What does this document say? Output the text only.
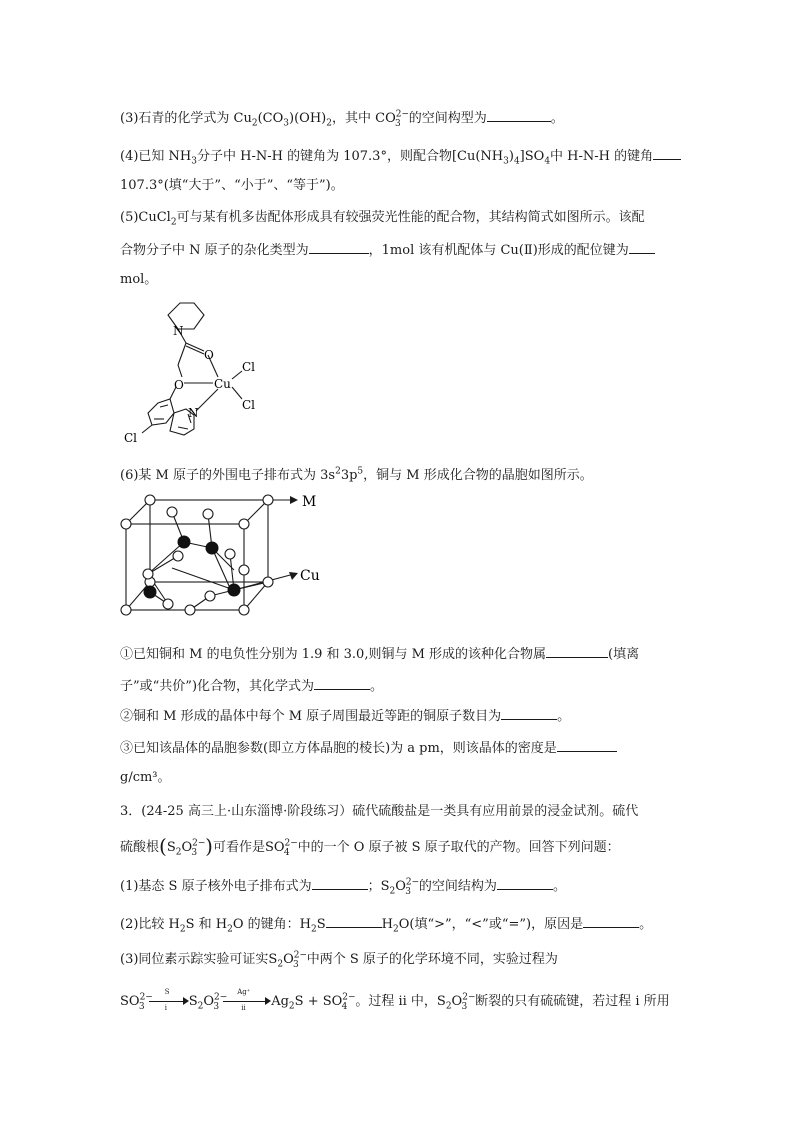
(3)石青的化学式为 $Cu_2(CO_3)(OH)_2$，其中 $CO^{2-}_3$ 的空间构型为	。
(4)已知 $NH_3$分子中 H-N-H 的键角为 107.3°，则配合物$[Cu(NH_3)_4]SO_4$中 H-N-H 的键角
107.3°(填“大于”、“小于”、“等于”)。
(5)CuCl$_2$可与某有机多齿配体形成具有较强荧光性能的配合物，其结构简式如图所示。该配
合物分子中 N 原子的杂化类型为	，1mol 该有机配体与 Cu(Ⅱ)形成的配位键为
mol。
N
O
O	Cu
Cl
Cl
N
Cl
(6)某 M 原子的外围电子排布式为 $3s^23p^5$，铜与 M 形成化合物的晶胞如图所示。
M
Cu
①已知铜和 M 的电负性分别为 1.9 和 3.0,则铜与 M 形成的该种化合物属	(填离
子”或“共价”)化合物，其化学式为	。
②铜和 M 形成的晶体中每个 M 原子周围最近等距的铜原子数目为	。
③已知该晶体的晶胞参数(即立方体晶胞的棱长)为 a pm，则该晶体的密度是
g/cm³。
3．(24-25 高三上·山东淄博·阶段练习）硫代硫酸盐是一类具有应用前景的浸金试剂。硫代
硫酸根($S_2O^{2-}_3$ )可看作是$SO^{2-}_4$ 中的一个 O 原子被 S 原子取代的产物。回答下列问题：
(1)基态 S 原子核外电子排布式为	；$S_2O^{2-}_3$ 的空间结构为	。
(2)比较 $H_2S$ 和 $H_2O$ 的键角：$H_2S$	$H_2O$(填“>”，“<”或“=”)，原因是	。
(3)同位素示踪实验可证实$S_2O^{2-}_3$ 中两个 S 原子的化学环境不同，实验过程为
$SO^{2-}_3$
S
ⅰ $S_2O^{2-}_3$
Ag⁺
ⅱ $Ag_2S + SO^{2-}_4$ 。过程 ⅱ 中，$S_2O^{2-}_3$ 断裂的只有硫硫键，若过程 ⅰ 所用
